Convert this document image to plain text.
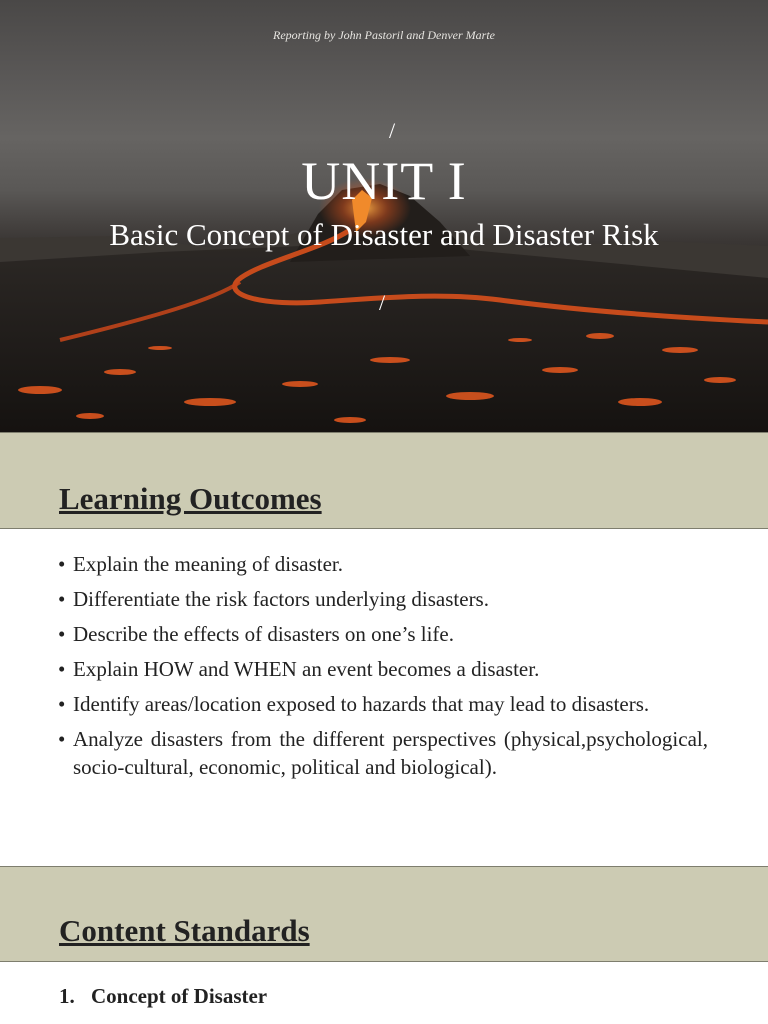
Reporting by John Pastoril and Denver Marte
/
UNIT I
Basic Concept of Disaster and Disaster Risk
/
Learning Outcomes
• Explain the meaning of disaster.
• Differentiate the risk factors underlying disasters.
• Describe the effects of disasters on one’s life.
• Explain HOW and WHEN an event becomes a disaster.
• Identify areas/location exposed to hazards that may lead to disasters.
• Analyze disasters from the different perspectives (physical,psychological, socio-cultural, economic, political and biological).
Content Standards
1. Concept of Disaster
